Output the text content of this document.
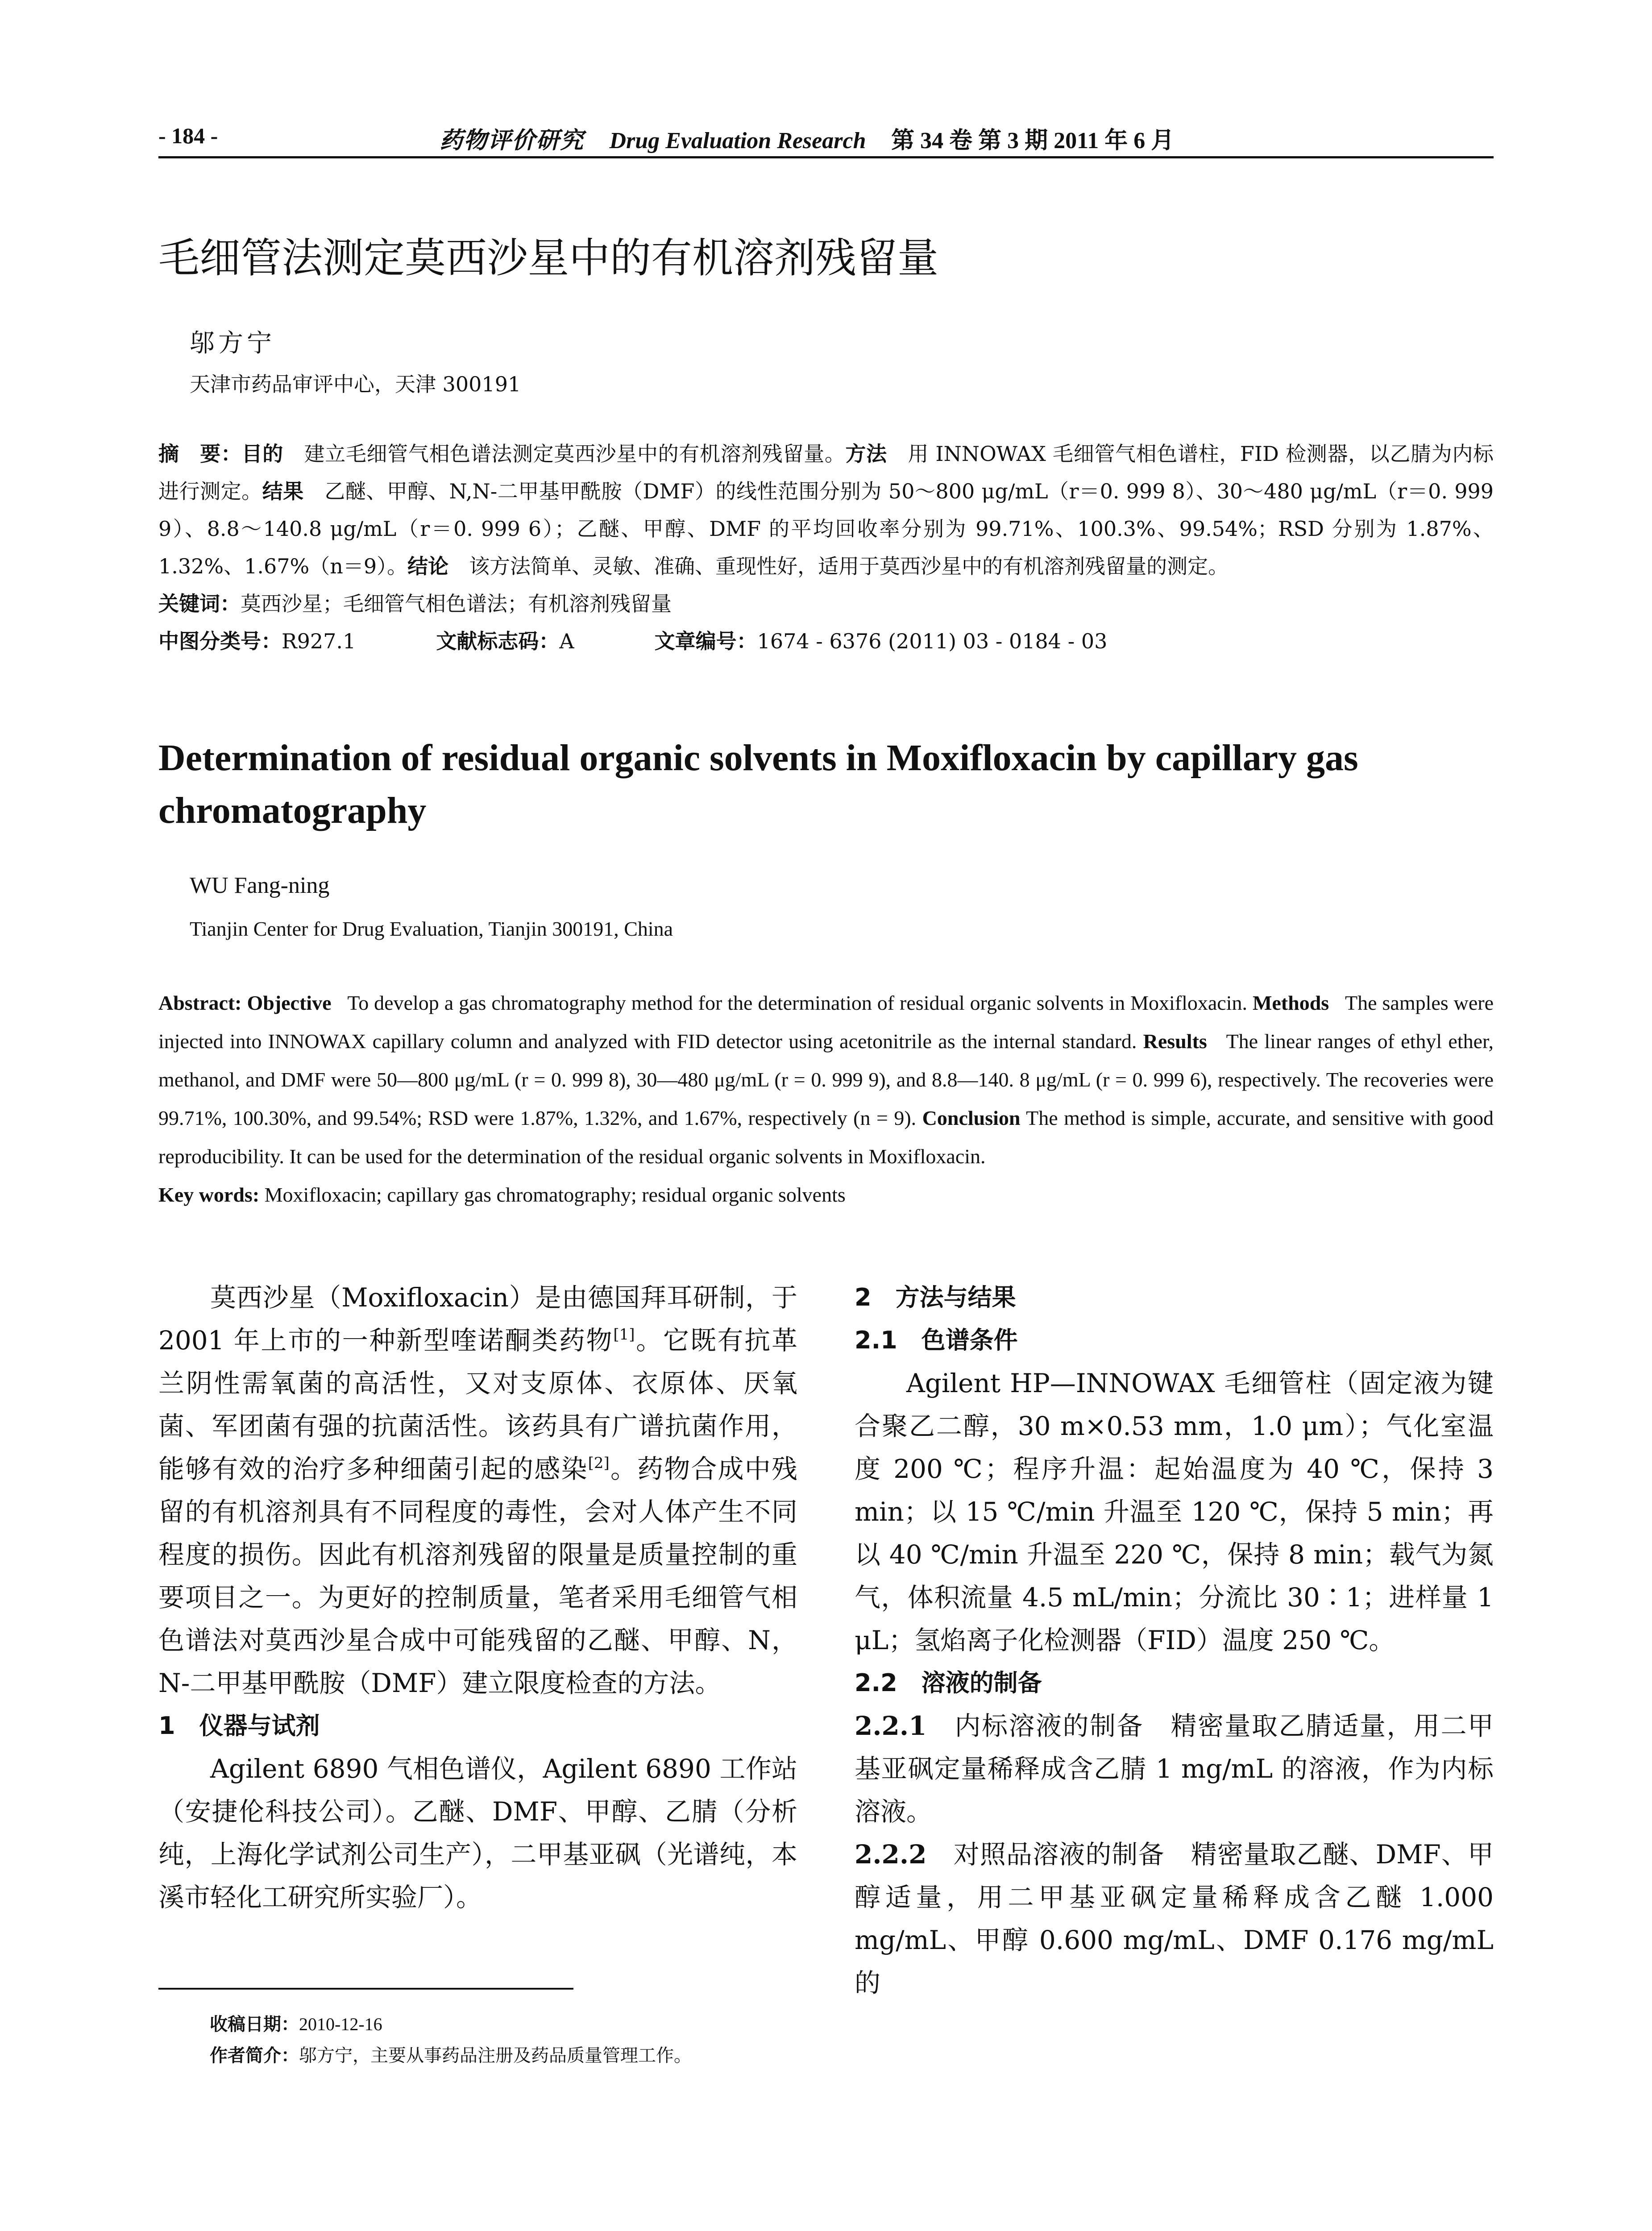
- 184 -	药物评价研究 Drug Evaluation Research 第 34 卷 第 3 期 2011 年 6 月
毛细管法测定莫西沙星中的有机溶剂残留量
邬方宁
天津市药品审评中心，天津 300191
摘　要：目的　 建立毛细管气相色谱法测定莫西沙星中的有机溶剂残留量。方法　 用 INNOWAX 毛细管气相色谱柱，FID 检测器，以乙腈为内标进行测定。结果　 乙醚、甲醇、N,N-二甲基甲酰胺（DMF）的线性范围分别为 50～800 μg/mL（r＝0. 999 8）、30～480 μg/mL（r＝0. 999 9）、8.8～140.8 μg/mL（r＝0. 999 6）；乙醚、甲醇、DMF 的平均回收率分别为 99.71%、100.3%、99.54%；RSD 分别为 1.87%、1.32%、1.67%（n＝9）。结论　 该方法简单、灵敏、准确、重现性好，适用于莫西沙星中的有机溶剂残留量的测定。
关键词：莫西沙星；毛细管气相色谱法；有机溶剂残留量
中图分类号：R927.1	文献标志码：A	文章编号：1674 - 6376 (2011) 03 - 0184 - 03
Determination of residual organic solvents in Moxifloxacin by capillary gas chromatography
WU Fang-ning
Tianjin Center for Drug Evaluation, Tianjin 300191, China
Abstract: Objective To develop a gas chromatography method for the determination of residual organic solvents in Moxifloxacin. Methods The samples were injected into INNOWAX capillary column and analyzed with FID detector using acetonitrile as the internal standard. Results The linear ranges of ethyl ether, methanol, and DMF were 50—800 μg/mL (r = 0. 999 8), 30—480 μg/mL (r = 0. 999 9), and 8.8—140. 8 μg/mL (r = 0. 999 6), respectively. The recoveries were 99.71%, 100.30%, and 99.54%; RSD were 1.87%, 1.32%, and 1.67%, respectively (n = 9). Conclusion The method is simple, accurate, and sensitive with good reproducibility. It can be used for the determination of the residual organic solvents in Moxifloxacin.
Key words: Moxifloxacin; capillary gas chromatography; residual organic solvents

莫西沙星（Moxifloxacin）是由德国拜耳研制，于 2001 年上市的一种新型喹诺酮类药物[1]。它既有抗革兰阴性需氧菌的高活性，又对支原体、衣原体、厌氧菌、军团菌有强的抗菌活性。该药具有广谱抗菌作用，能够有效的治疗多种细菌引起的感染[2]。药物合成中残留的有机溶剂具有不同程度的毒性，会对人体产生不同程度的损伤。因此有机溶剂残留的限量是质量控制的重要项目之一。为更好的控制质量，笔者采用毛细管气相色谱法对莫西沙星合成中可能残留的乙醚、甲醇、N，N-二甲基甲酰胺（DMF）建立限度检查的方法。

1　仪器与试剂

Agilent 6890 气相色谱仪，Agilent 6890 工作站（安捷伦科技公司）。乙醚、DMF、甲醇、乙腈（分析纯，上海化学试剂公司生产），二甲基亚砜（光谱纯，本溪市轻化工研究所实验厂）。

2　方法与结果

2.1　色谱条件

Agilent HP—INNOWAX 毛细管柱（固定液为键合聚乙二醇，30 m×0.53 mm，1.0 μm）；气化室温度 200 ℃；程序升温：起始温度为 40 ℃，保持 3 min；以 15 ℃/min 升温至 120 ℃，保持 5 min；再以 40 ℃/min 升温至 220 ℃，保持 8 min；载气为氮气，体积流量 4.5 mL/min；分流比 30∶1；进样量 1 μL；氢焰离子化检测器（FID）温度 250 ℃。

2.2　溶液的制备

2.2.1　 内标溶液的制备　精密量取乙腈适量，用二甲基亚砜定量稀释成含乙腈 1 mg/mL 的溶液，作为内标溶液。

2.2.2　 对照品溶液的制备　精密量取乙醚、DMF、甲醇适量，用二甲基亚砜定量稀释成含乙醚 1.000 mg/mL、甲醇 0.600 mg/mL、DMF 0.176 mg/mL 的

收稿日期：2010-12-16
作者简介：邬方宁，主要从事药品注册及药品质量管理工作。
